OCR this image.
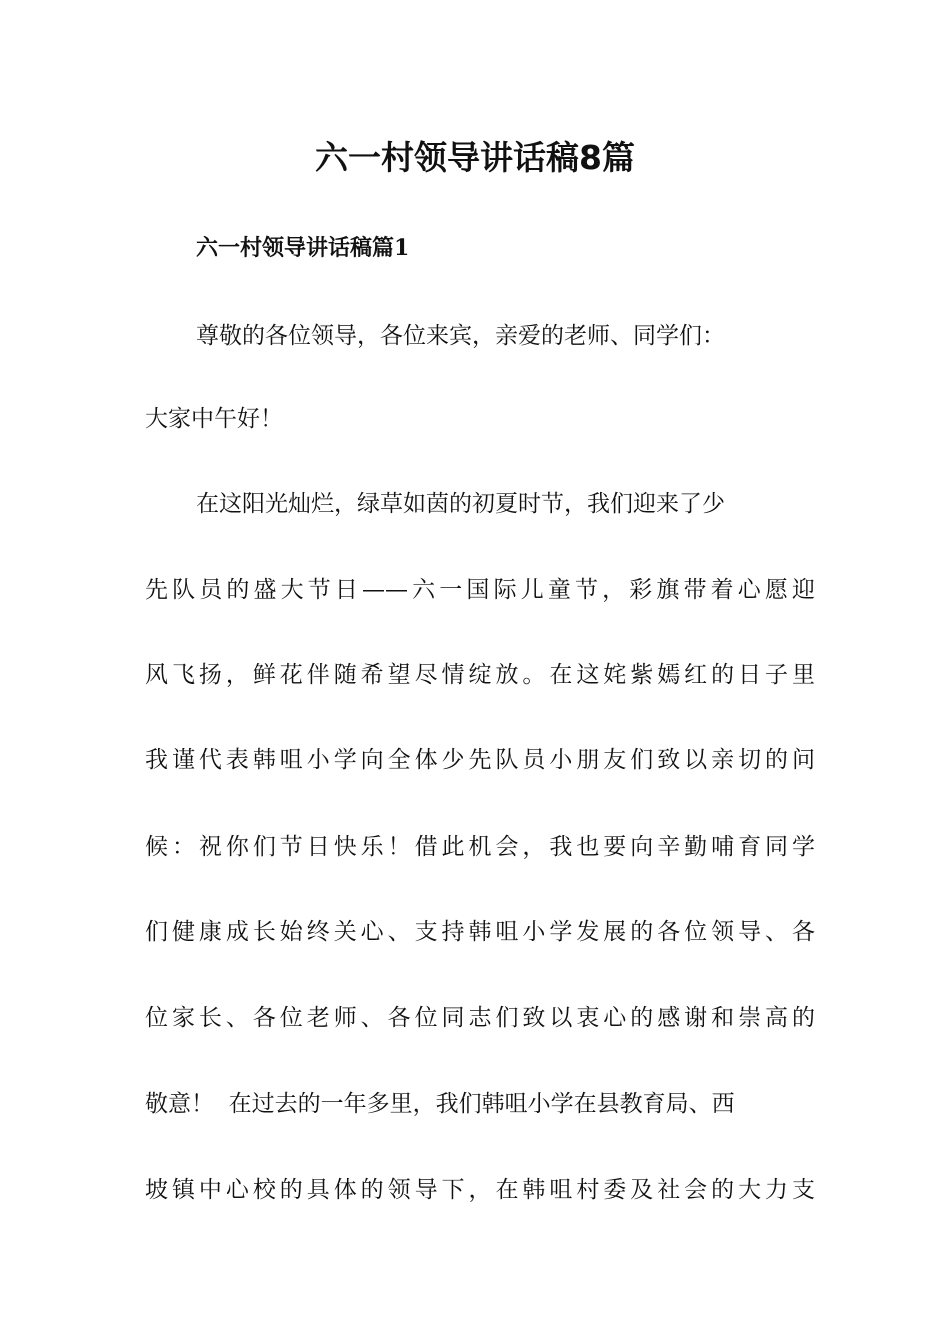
六一村领导讲话稿8篇
六一村领导讲话稿篇1

尊敬的各位领导，各位来宾，亲爱的老师、同学们：

大家中午好！

在这阳光灿烂，绿草如茵的初夏时节，我们迎来了少

先队员的盛大节日——六一国际儿童节，彩旗带着心愿迎

风飞扬，鲜花伴随希望尽情绽放。在这姹紫嫣红的日子里

我谨代表韩咀小学向全体少先队员小朋友们致以亲切的问

候：祝你们节日快乐！借此机会，我也要向辛勤哺育同学

们健康成长始终关心、支持韩咀小学发展的各位领导、各

位家长、各位老师、各位同志们致以衷心的感谢和崇高的

敬意！  在过去的一年多里，我们韩咀小学在县教育局、西

坡镇中心校的具体的领导下，在韩咀村委及社会的大力支
